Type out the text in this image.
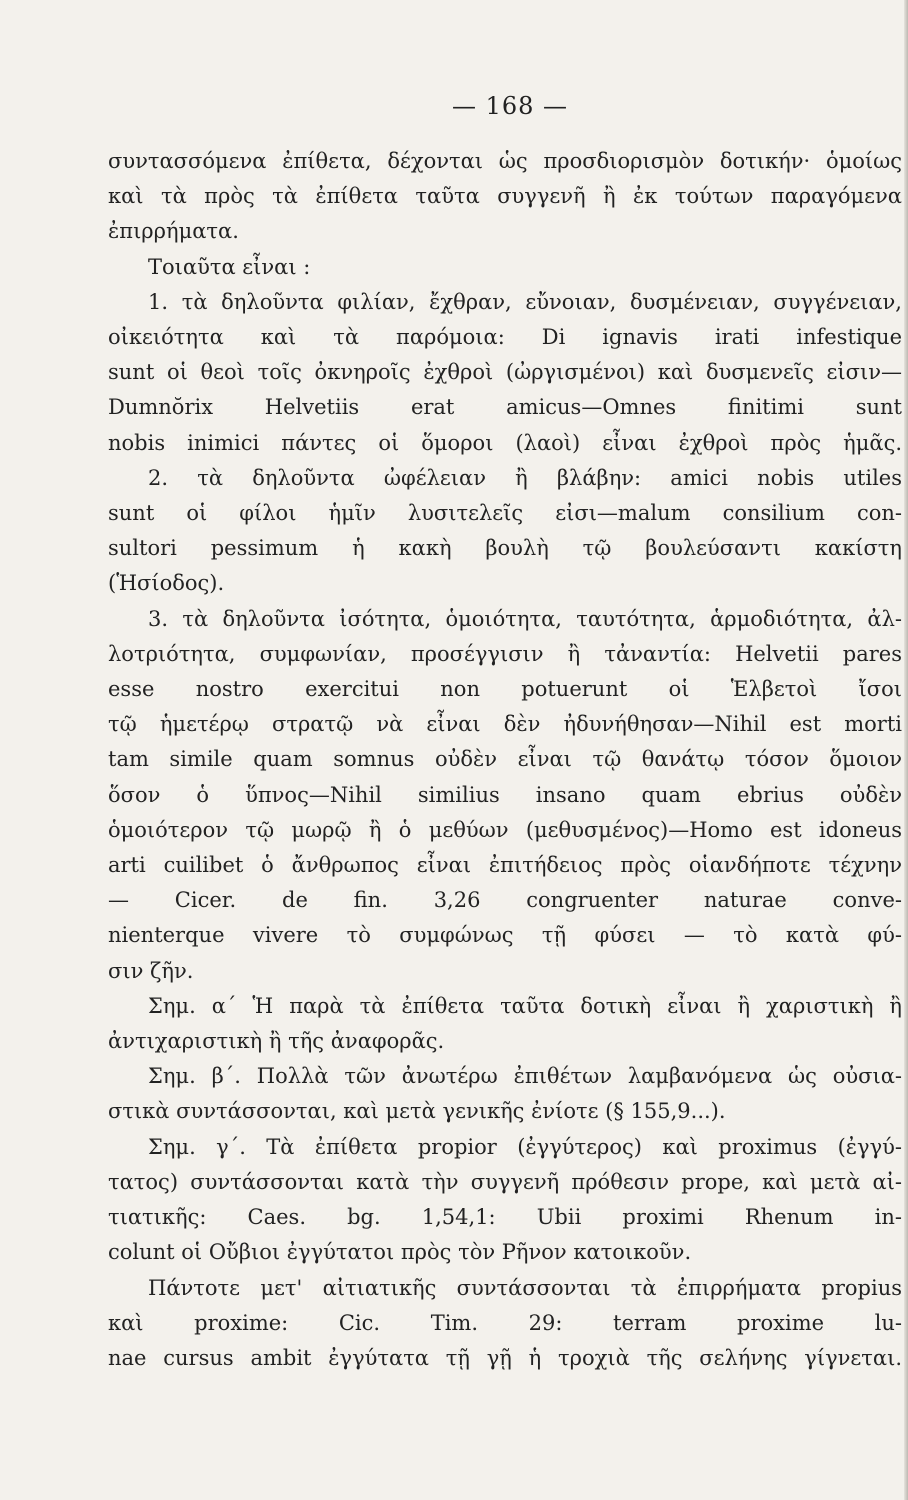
— 168 —
συντασσόμενα ἐπίθετα, δέχονται ὡς προσδιορισμὸν δοτικήν· ὁμοίως
καὶ τὰ πρὸς τὰ ἐπίθετα ταῦτα συγγενῆ ἢ ἐκ τούτων παραγόμενα
ἐπιρρήματα.
Τοιαῦτα εἶναι :
1. τὰ δηλοῦντα φιλίαν, ἔχθραν, εὔνοιαν, δυσμένειαν, συγγένειαν,
οἰκειότητα καὶ τὰ παρόμοια: Di ignavis irati infestique
sunt οἱ θεοὶ τοῖς ὀκνηροῖς ἐχθροὶ (ὠργισμένοι) καὶ δυσμενεῖς εἰσιν—
Dumnŏrix Helvetiis erat amicus—Omnes finitimi sunt
nobis inimici πάντες οἱ ὅμοροι (λαοὶ) εἶναι ἐχθροὶ πρὸς ἡμᾶς.
2. τὰ δηλοῦντα ὠφέλειαν ἢ βλάβην: amici nobis utiles
sunt οἱ φίλοι ἡμῖν λυσιτελεῖς εἰσι—malum consilium con-
sultori pessimum ἡ κακὴ βουλὴ τῷ βουλεύσαντι κακίστη
(Ἡσίοδος).
3. τὰ δηλοῦντα ἰσότητα, ὁμοιότητα, ταυτότητα, ἁρμοδιότητα, ἀλ-
λοτριότητα, συμφωνίαν, προσέγγισιν ἢ τἀναντία: Helvetii pares
esse nostro exercitui non potuerunt οἱ Ἑλβετοὶ ἴσοι
τῷ ἡμετέρῳ στρατῷ νὰ εἶναι δὲν ἠδυνήθησαν—Nihil est morti
tam simile quam somnus οὐδὲν εἶναι τῷ θανάτῳ τόσον ὅμοιον
ὅσον ὁ ὕπνος—Nihil similius insano quam ebrius οὐδὲν
ὁμοιότερον τῷ μωρῷ ἢ ὁ μεθύων (μεθυσμένος)—Homo est idoneus
arti cuilibet ὁ ἄνθρωπος εἶναι ἐπιτήδειος πρὸς οἱανδήποτε τέχνην
— Cicer. de fin. 3,26 congruenter naturae conve-
nienterque vivere τὸ συμφώνως τῇ φύσει — τὸ κατὰ φύ-
σιν ζῆν.
Σημ. α΄ Ἡ παρὰ τὰ ἐπίθετα ταῦτα δοτικὴ εἶναι ἢ χαριστικὴ ἢ
ἀντιχαριστικὴ ἢ τῆς ἀναφορᾶς.
Σημ. β΄. Πολλὰ τῶν ἀνωτέρω ἐπιθέτων λαμβανόμενα ὡς οὐσια-
στικὰ συντάσσονται, καὶ μετὰ γενικῆς ἐνίοτε (§ 155,9...).
Σημ. γ΄. Τὰ ἐπίθετα propior (ἐγγύτερος) καὶ proximus (ἐγγύ-
τατος) συντάσσονται κατὰ τὴν συγγενῆ πρόθεσιν prope, καὶ μετὰ αἰ-
τιατικῆς: Caes. bg. 1,54,1: Ubii proximi Rhenum in-
colunt οἱ Οὔβιοι ἐγγύτατοι πρὸς τὸν Ρῆνον κατοικοῦν.
Πάντοτε μετ' αἰτιατικῆς συντάσσονται τὰ ἐπιρρήματα propius
καὶ proxime: Cic. Tim. 29: terram proxime lu-
nae cursus ambit ἐγγύτατα τῇ γῇ ἡ τροχιὰ τῆς σελήνης γίγνεται.
